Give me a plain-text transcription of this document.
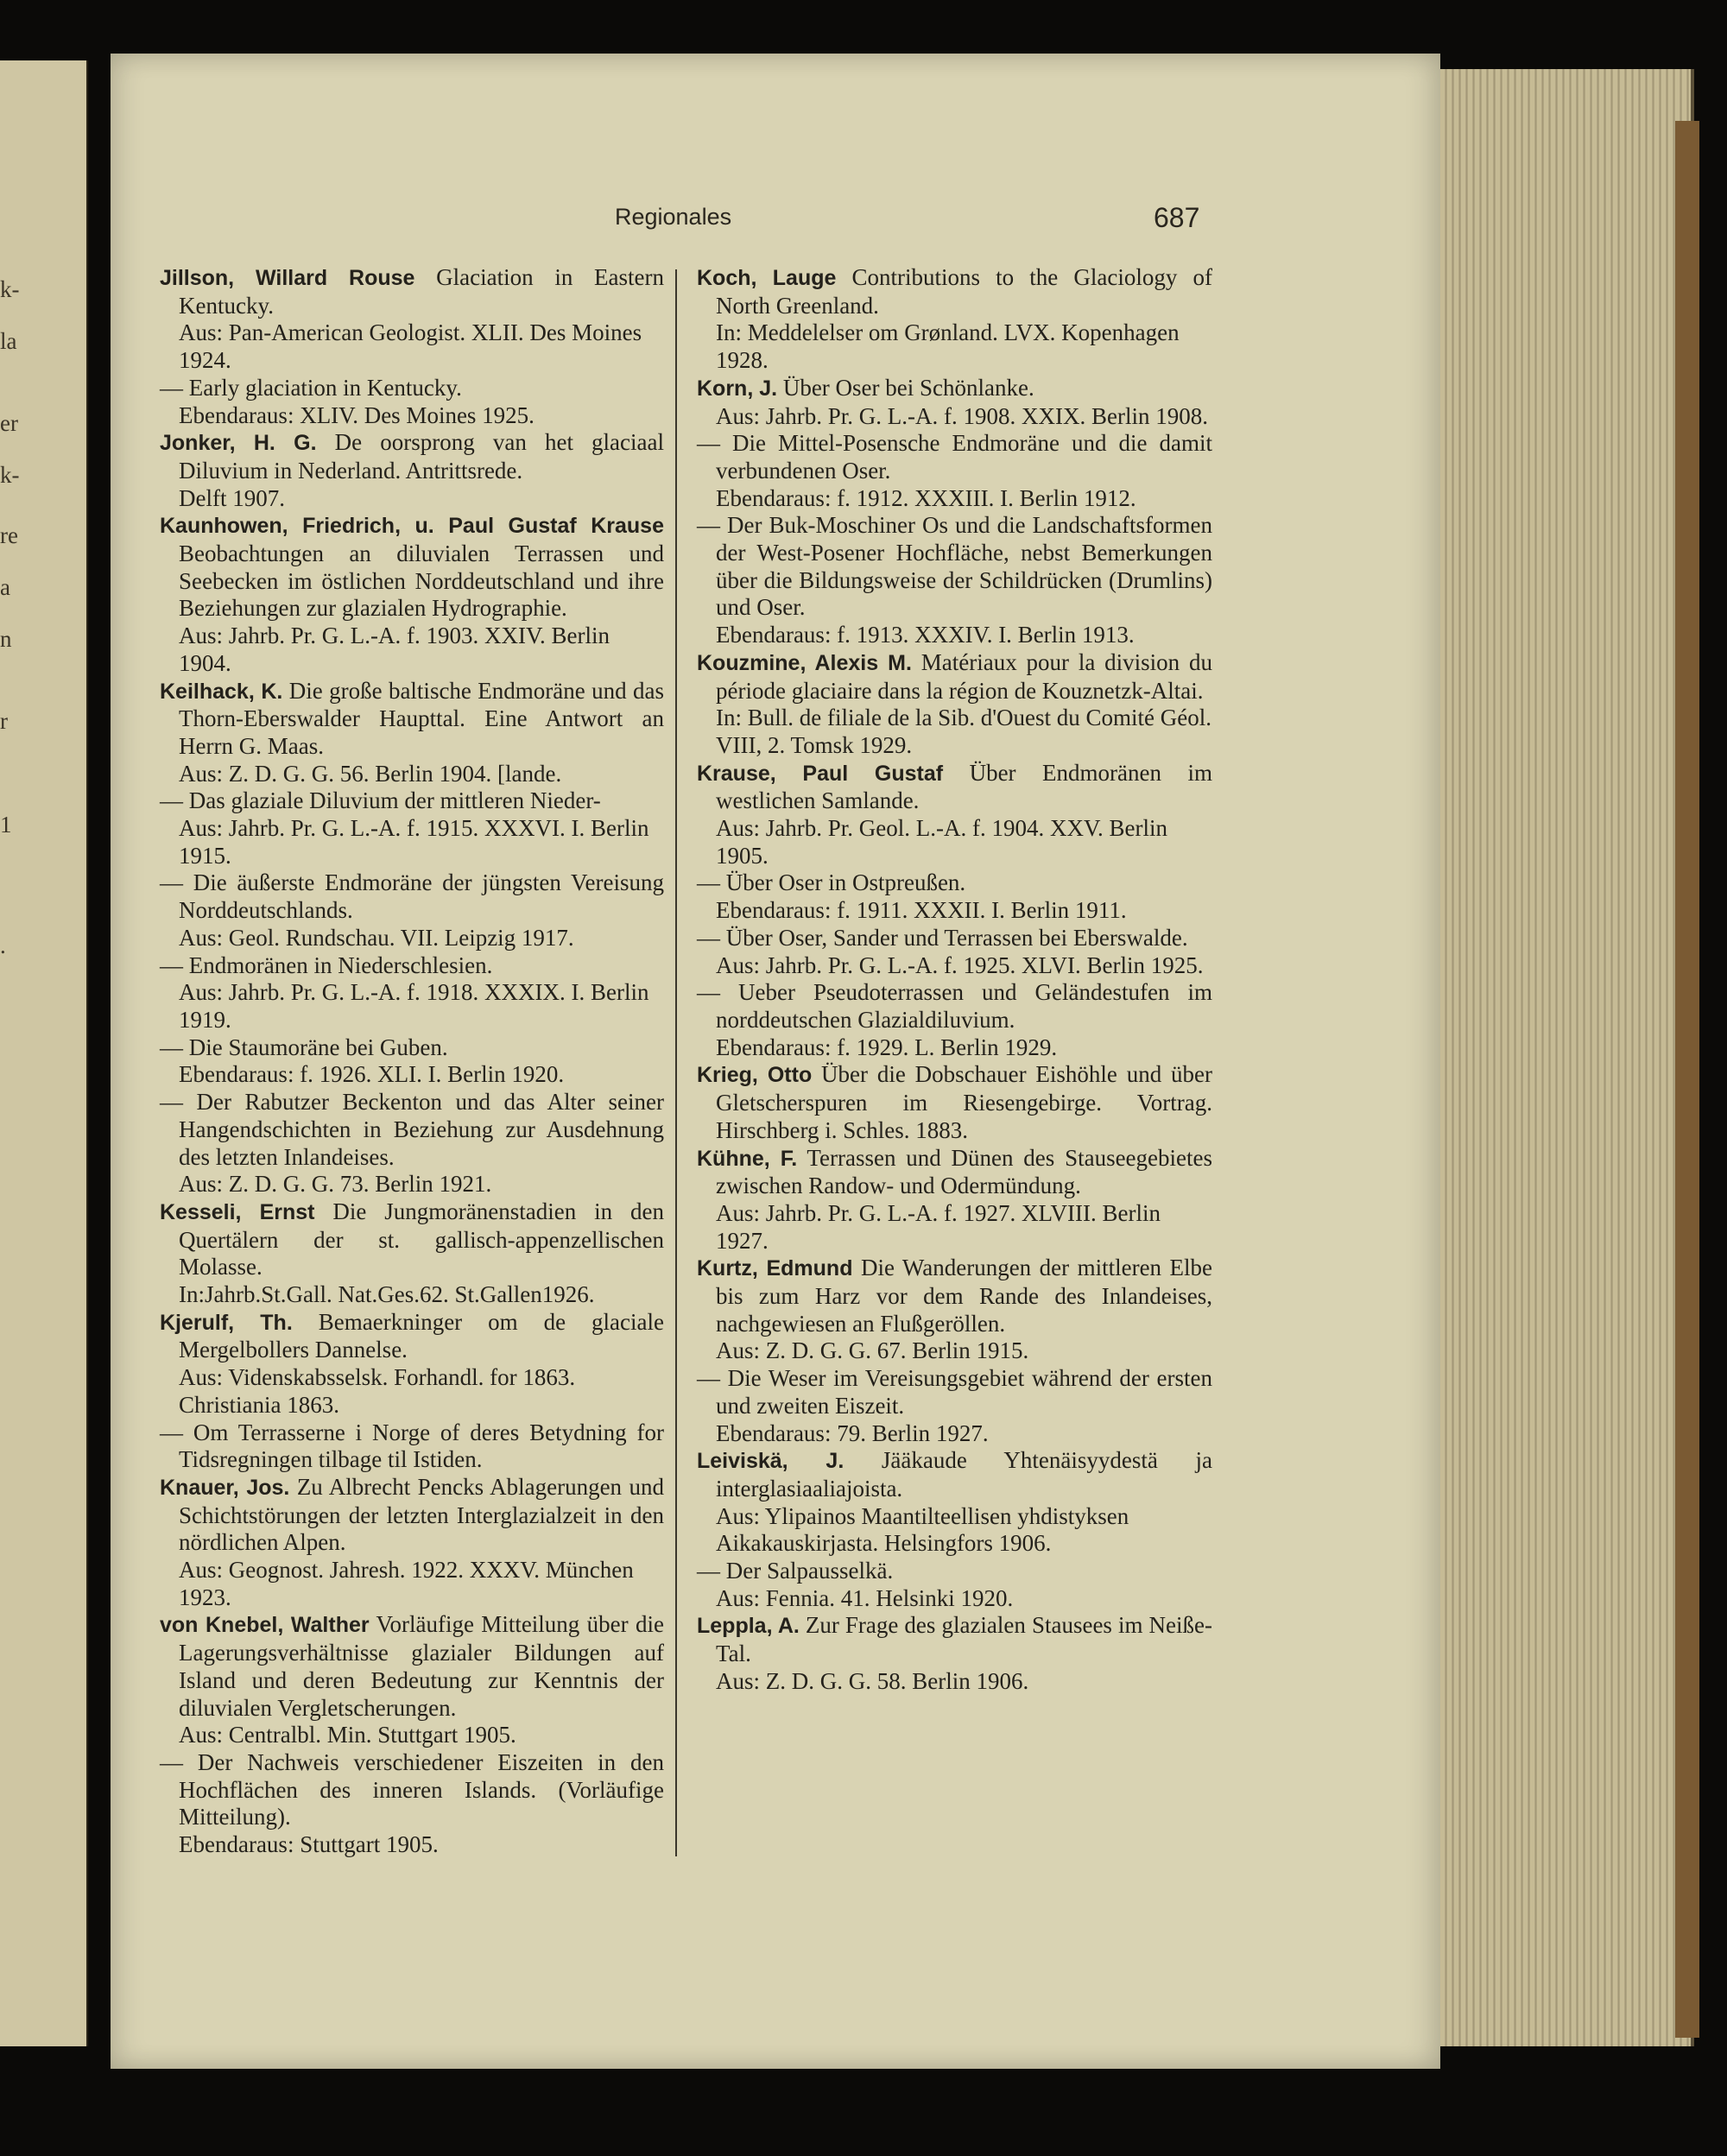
k-
la
er
k-
re
a
n
r
1
.
Regionales	687
Jillson, Willard Rouse Glaciation in Eastern Kentucky.
Aus: Pan-American Geologist. XLII. Des Moines 1924.
— Early glaciation in Kentucky.
Ebendaraus: XLIV. Des Moines 1925.
Jonker, H. G. De oorsprong van het glaciaal Diluvium in Nederland. Antrittsrede.
Delft 1907.
Kaunhowen, Friedrich, u. Paul Gustaf Krause Beobachtungen an diluvialen Terrassen und Seebecken im östlichen Norddeutschland und ihre Beziehungen zur glazialen Hydrographie.
Aus: Jahrb. Pr. G. L.-A. f. 1903. XXIV. Berlin 1904.
Keilhack, K. Die große baltische Endmoräne und das Thorn-Eberswalder Haupttal. Eine Antwort an Herrn G. Maas.
Aus: Z. D. G. G. 56. Berlin 1904. [lande.
— Das glaziale Diluvium der mittleren Nieder-
Aus: Jahrb. Pr. G. L.-A. f. 1915. XXXVI. I. Berlin 1915.
— Die äußerste Endmoräne der jüngsten Vereisung Norddeutschlands.
Aus: Geol. Rundschau. VII. Leipzig 1917.
— Endmoränen in Niederschlesien.
Aus: Jahrb. Pr. G. L.-A. f. 1918. XXXIX. I. Berlin 1919.
— Die Staumoräne bei Guben.
Ebendaraus: f. 1926. XLI. I. Berlin 1920.
— Der Rabutzer Beckenton und das Alter seiner Hangendschichten in Beziehung zur Ausdehnung des letzten Inlandeises.
Aus: Z. D. G. G. 73. Berlin 1921.
Kesseli, Ernst Die Jungmoränenstadien in den Quertälern der st. gallisch-appenzellischen Molasse.
In:Jahrb.St.Gall. Nat.Ges.62. St.Gallen1926.
Kjerulf, Th. Bemaerkninger om de glaciale Mergelbollers Dannelse.
Aus: Videnskabsselsk. Forhandl. for 1863. Christiania 1863.
— Om Terrasserne i Norge of deres Betydning for Tidsregningen tilbage til Istiden.
Knauer, Jos. Zu Albrecht Pencks Ablagerungen und Schichtstörungen der letzten Interglazialzeit in den nördlichen Alpen.
Aus: Geognost. Jahresh. 1922. XXXV. München 1923.
von Knebel, Walther Vorläufige Mitteilung über die Lagerungsverhältnisse glazialer Bildungen auf Island und deren Bedeutung zur Kenntnis der diluvialen Vergletscherungen.
Aus: Centralbl. Min. Stuttgart 1905.
— Der Nachweis verschiedener Eiszeiten in den Hochflächen des inneren Islands. (Vorläufige Mitteilung).
Ebendaraus: Stuttgart 1905.
Koch, Lauge Contributions to the Glaciology of North Greenland.
In: Meddelelser om Grønland. LVX. Kopenhagen 1928.
Korn, J. Über Oser bei Schönlanke.
Aus: Jahrb. Pr. G. L.-A. f. 1908. XXIX. Berlin 1908.
— Die Mittel-Posensche Endmoräne und die damit verbundenen Oser.
Ebendaraus: f. 1912. XXXIII. I. Berlin 1912.
— Der Buk-Moschiner Os und die Landschaftsformen der West-Posener Hochfläche, nebst Bemerkungen über die Bildungsweise der Schildrücken (Drumlins) und Oser.
Ebendaraus: f. 1913. XXXIV. I. Berlin 1913.
Kouzmine, Alexis M. Matériaux pour la division du période glaciaire dans la région de Kouznetzk-Altai.
In: Bull. de filiale de la Sib. d'Ouest du Comité Géol. VIII, 2. Tomsk 1929.
Krause, Paul Gustaf Über Endmoränen im westlichen Samlande.
Aus: Jahrb. Pr. Geol. L.-A. f. 1904. XXV. Berlin 1905.
— Über Oser in Ostpreußen.
Ebendaraus: f. 1911. XXXII. I. Berlin 1911.
— Über Oser, Sander und Terrassen bei Eberswalde.
Aus: Jahrb. Pr. G. L.-A. f. 1925. XLVI. Berlin 1925.
— Ueber Pseudoterrassen und Geländestufen im norddeutschen Glazialdiluvium.
Ebendaraus: f. 1929. L. Berlin 1929.
Krieg, Otto Über die Dobschauer Eishöhle und über Gletscherspuren im Riesengebirge. Vortrag. Hirschberg i. Schles. 1883.
Kühne, F. Terrassen und Dünen des Stauseegebietes zwischen Randow- und Odermündung.
Aus: Jahrb. Pr. G. L.-A. f. 1927. XLVIII. Berlin 1927.
Kurtz, Edmund Die Wanderungen der mittleren Elbe bis zum Harz vor dem Rande des Inlandeises, nachgewiesen an Flußgeröllen.
Aus: Z. D. G. G. 67. Berlin 1915.
— Die Weser im Vereisungsgebiet während der ersten und zweiten Eiszeit.
Ebendaraus: 79. Berlin 1927.
Leiviskä, J. Jääkaude Yhtenäisyydestä ja interglasiaaliajoista.
Aus: Ylipainos Maantilteellisen yhdistyksen Aikakauskirjasta. Helsingfors 1906.
— Der Salpausselkä.
Aus: Fennia. 41. Helsinki 1920.
Leppla, A. Zur Frage des glazialen Stausees im Neiße-Tal.
Aus: Z. D. G. G. 58. Berlin 1906.
